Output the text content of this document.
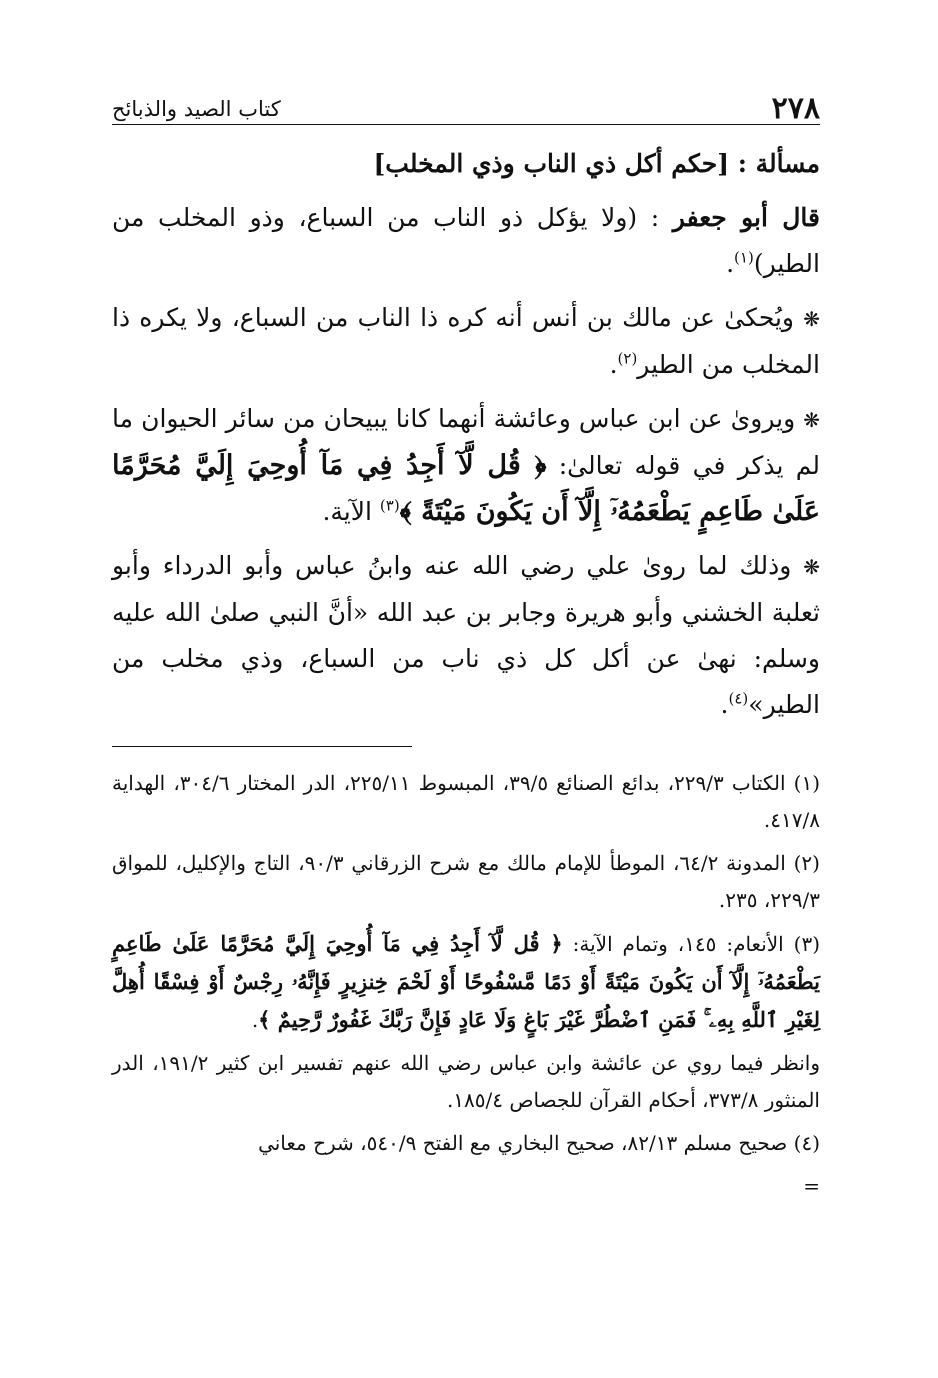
٢٧٨
كتاب الصيد والذبائح

مسألة : [حكم أكل ذي الناب وذي المخلب]

قال أبو جعفر : (ولا يؤكل ذو الناب من السباع، وذو المخلب من الطير)$^{(١)}$.

❋ ويُحكىٰ عن مالك بن أنس أنه كره ذا الناب من السباع، ولا يكره ذا المخلب من الطير$^{(٢)}$.

❋ ويروىٰ عن ابن عباس وعائشة أنهما كانا يبيحان من سائر الحيوان ما لم يذكر في قوله تعالىٰ: ﴿ قُل لَّآ أَجِدُ فِي مَآ أُوحِيَ إِلَيَّ مُحَرَّمًا عَلَىٰ طَاعِمٍ يَطْعَمُهُۥٓ إِلَّآ أَن يَكُونَ مَيْتَةً ﴾$^{(٣)}$ الآية.

❋ وذلك لما روىٰ علي رضي الله عنه وابنُ عباس وأبو الدرداء وأبو ثعلبة الخشني وأبو هريرة وجابر بن عبد الله «أنَّ النبي صلىٰ الله عليه وسلم: نهىٰ عن أكل كل ذي ناب من السباع، وذي مخلب من الطير»$^{(٤)}$.

(١) الكتاب ٢٢٩/٣، بدائع الصنائع ٣٩/٥، المبسوط ٢٢٥/١١، الدر المختار ٣٠٤/٦، الهداية ٤١٧/٨.

(٢) المدونة ٦٤/٢، الموطأ للإمام مالك مع شرح الزرقاني ٩٠/٣، التاج والإكليل، للمواق ٢٢٩/٣، ٢٣٥.

(٣) الأنعام: ١٤٥، وتمام الآية: ﴿ قُل لَّآ أَجِدُ فِي مَآ أُوحِيَ إِلَيَّ مُحَرَّمًا عَلَىٰ طَاعِمٍ يَطْعَمُهُۥٓ إِلَّآ أَن يَكُونَ مَيْتَةً أَوْ دَمًا مَّسْفُوحًا أَوْ لَحْمَ خِنزِيرٍ فَإِنَّهُۥ رِجْسٌ أَوْ فِسْقًا أُهِلَّ لِغَيْرِ ٱللَّهِ بِهِۦ ۚ فَمَنِ ٱضْطُرَّ غَيْرَ بَاغٍ وَلَا عَادٍ فَإِنَّ رَبَّكَ غَفُورٌ رَّحِيمٌ ﴾.

وانظر فيما روي عن عائشة وابن عباس رضي الله عنهم تفسير ابن كثير ١٩١/٢، الدر المنثور ٣٧٣/٨، أحكام القرآن للجصاص ١٨٥/٤.

(٤) صحيح مسلم ٨٢/١٣، صحيح البخاري مع الفتح ٥٤٠/٩، شرح معاني

=
